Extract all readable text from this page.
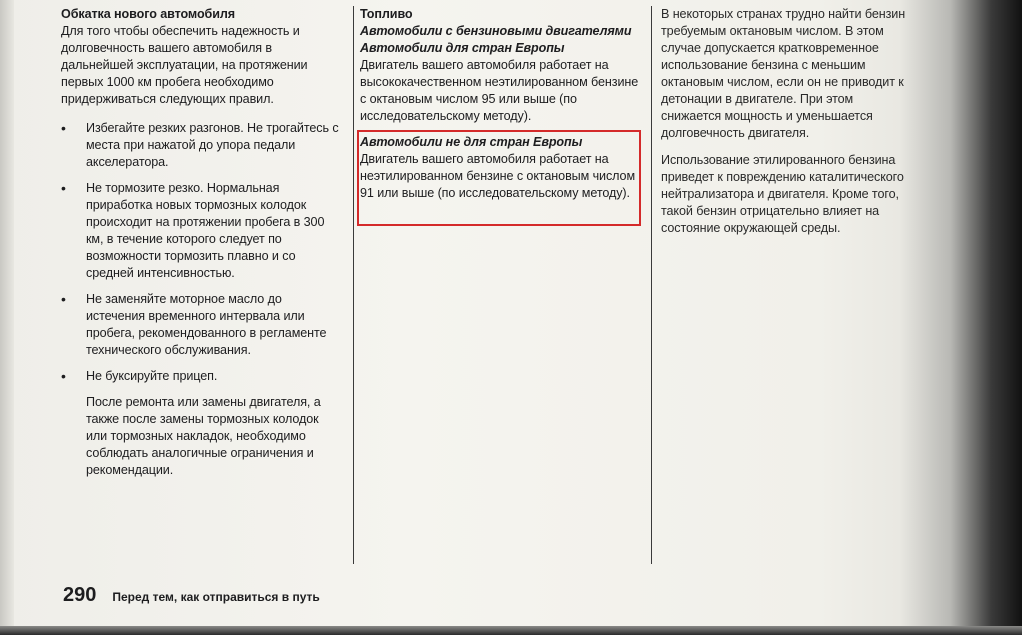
Обкатка нового автомобиля

Для того чтобы обеспечить надежность и долговечность вашего автомобиля в дальнейшей эксплуатации, на протяжении первых 1000 км пробега необходимо придерживаться следующих правил.

• Избегайте резких разгонов. Не трогайтесь с места при нажатой до упора педали акселератора.
• Не тормозите резко. Нормальная приработка новых тормозных колодок происходит на протяжении пробега в 300 км, в течение которого следует по возможности тормозить плавно и со средней интенсивностью.
• Не заменяйте моторное масло до истечения временного интервала или пробега, рекомендованного в регламенте технического обслуживания.
• Не буксируйте прицеп.

После ремонта или замены двигателя, а также после замены тормозных колодок или тормозных накладок, необходимо соблюдать аналогичные ограничения и рекомендации.

Топливо

Автомобили с бензиновыми двигателями

Автомобили для стран Европы

Двигатель вашего автомобиля работает на высококачественном неэтилированном бензине с октановым числом 95 или выше (по исследовательскому методу).

Автомобили не для стран Европы

Двигатель вашего автомобиля работает на неэтилированном бензине с октановым числом 91 или выше (по исследовательскому методу).

В некоторых странах трудно найти бензин требуемым октановым числом. В этом случае допускается кратковременное использование бензина с меньшим октановым числом, если он не приводит к детонации в двигателе. При этом снижается мощность и уменьшается долговечность двигателя.

Использование этилированного бензина приведет к повреждению каталитического нейтрализатора и двигателя. Кроме того, такой бензин отрицательно влияет на состояние окружающей среды.

290 Перед тем, как отправиться в путь
